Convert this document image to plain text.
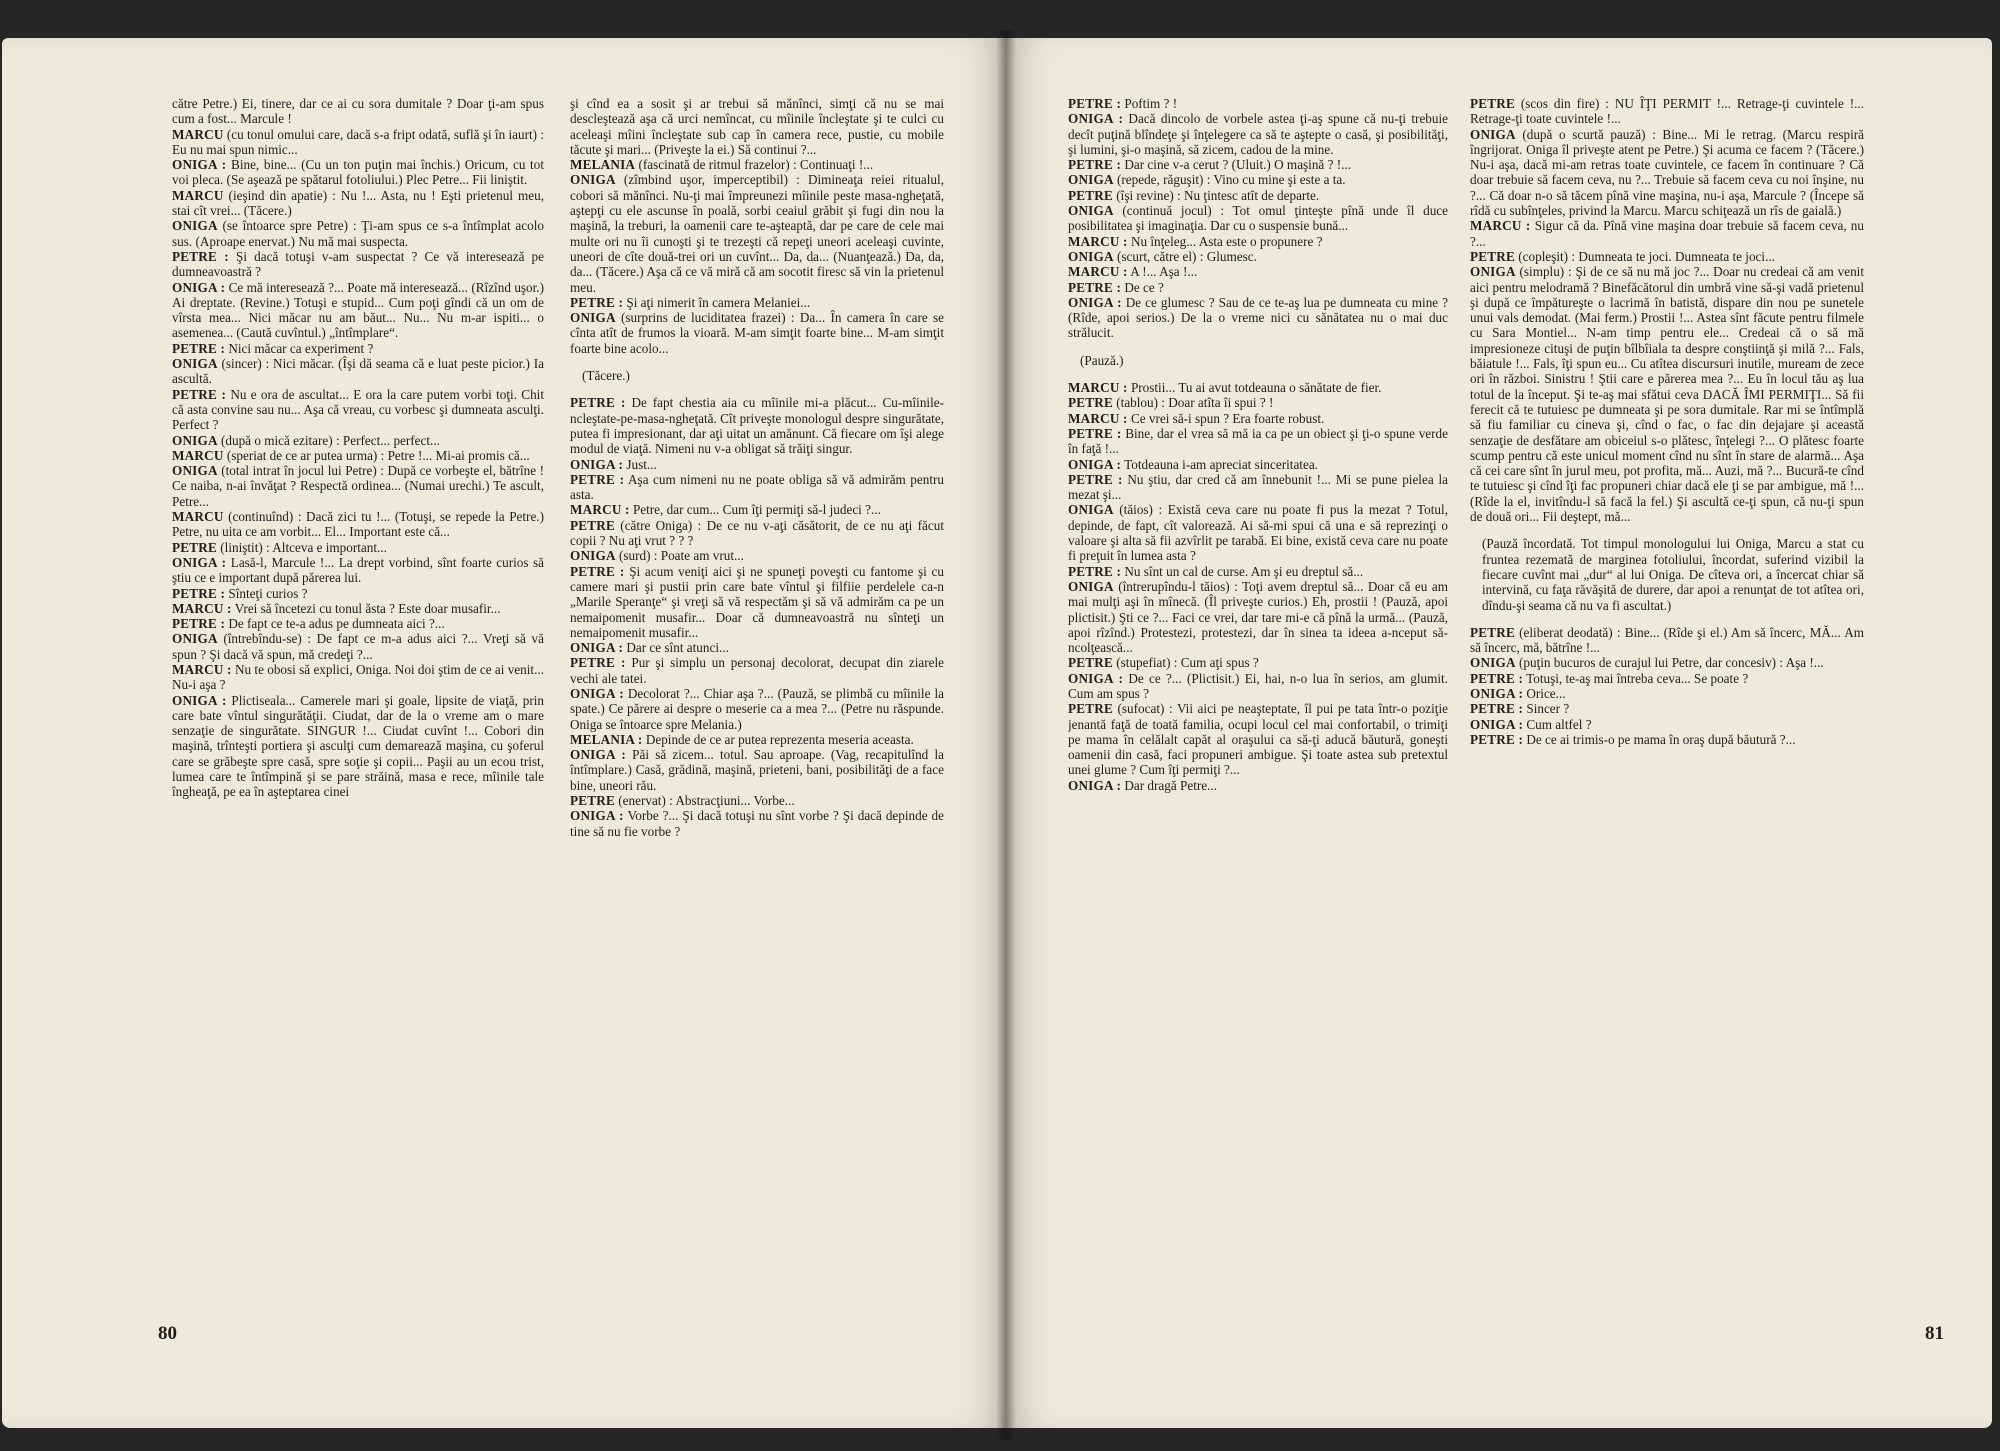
către Petre.) Ei, tinere, dar ce ai cu sora dumitale ? Doar ţi-am spus cum a fost... Marcule !

MARCU (cu tonul omului care, dacă s-a fript odată, suflă şi în iaurt) : Eu nu mai spun nimic...

ONIGA : Bine, bine... (Cu un ton puţin mai închis.) Oricum, cu tot voi pleca. (Se aşează pe spătarul fotoliului.) Plec Petre... Fii liniştit.

MARCU (ieşind din apatie) : Nu !... Asta, nu ! Eşti prietenul meu, stai cît vrei... (Tăcere.)

ONIGA (se întoarce spre Petre) : Ţi-am spus ce s-a întîmplat acolo sus. (Aproape enervat.) Nu mă mai suspecta.

PETRE : Şi dacă totuşi v-am suspectat ? Ce vă interesează pe dumneavoastră ?

ONIGA : Ce mă interesează ?... Poate mă interesează... (Rîzînd uşor.) Ai dreptate. (Revine.) Totuşi e stupid... Cum poţi gîndi că un om de vîrsta mea... Nici măcar nu am băut... Nu... Nu m-ar ispiti... o asemenea... (Caută cuvîntul.) „întîmplare“.

PETRE : Nici măcar ca experiment ?

ONIGA (sincer) : Nici măcar. (Îşi dă seama că e luat peste picior.) Ia ascultă.

PETRE : Nu e ora de ascultat... E ora la care putem vorbi toţi. Chit că asta convine sau nu... Aşa că vreau, cu vorbesc şi dumneata asculţi. Perfect ?

ONIGA (după o mică ezitare) : Perfect... perfect...

MARCU (speriat de ce ar putea urma) : Petre !... Mi-ai promis că...

ONIGA (total intrat în jocul lui Petre) : După ce vorbeşte el, bătrîne ! Ce naiba, n-ai învăţat ? Respectă ordinea... (Numai urechi.) Te ascult, Petre...

MARCU (continuînd) : Dacă zici tu !... (Totuşi, se repede la Petre.) Petre, nu uita ce am vorbit... El... Important este că...

PETRE (liniştit) : Altceva e important...

ONIGA : Lasă-l, Marcule !... La drept vorbind, sînt foarte curios să ştiu ce e important după părerea lui.

PETRE : Sînteţi curios ?

MARCU : Vrei să încetezi cu tonul ăsta ? Este doar musafir...

PETRE : De fapt ce te-a adus pe dumneata aici ?...

ONIGA (întrebîndu-se) : De fapt ce m-a adus aici ?... Vreţi să vă spun ? Şi dacă vă spun, mă credeţi ?...

MARCU : Nu te obosi să explici, Oniga. Noi doi ştim de ce ai venit... Nu-i aşa ?

ONIGA : Plictiseala... Camerele mari şi goale, lipsite de viaţă, prin care bate vîntul singurătăţii. Ciudat, dar de la o vreme am o mare senzaţie de singurătate. SINGUR !... Ciudat cuvînt !... Cobori din maşină, trînteşti portiera şi asculţi cum demarează maşina, cu şoferul care se grăbeşte spre casă, spre soţie şi copii... Paşii au un ecou trist, lumea care te întîmpină şi se pare străină, masa e rece, mîinile tale îngheaţă, pe ea în aşteptarea cinei

şi cînd ea a sosit şi ar trebui să mănînci, simţi că nu se mai descleştează aşa că urci nemîncat, cu mîinile încleştate şi te culci cu aceleaşi mîini încleştate sub cap în camera rece, pustie, cu mobile tăcute şi mari... (Priveşte la ei.) Să continui ?...

MELANIA (fascinată de ritmul frazelor) : Continuaţi !...

ONIGA (zîmbind uşor, imperceptibil) : Dimineaţa reiei ritualul, cobori să mănînci. Nu-ţi mai împreunezi mîinile peste masa-ngheţată, aştepţi cu ele ascunse în poală, sorbi ceaiul grăbit şi fugi din nou la maşină, la treburi, la oamenii care te-aşteaptă, dar pe care de cele mai multe ori nu îi cunoşti şi te trezeşti că repeţi uneori aceleaşi cuvinte, uneori de cîte două-trei ori un cuvînt... Da, da... (Nuanţează.) Da, da, da... (Tăcere.) Aşa că ce vă miră că am socotit firesc să vin la prietenul meu.

PETRE : Şi aţi nimerit în camera Melaniei...

ONIGA (surprins de luciditatea frazei) : Da... În camera în care se cînta atît de frumos la vioară. M-am simţit foarte bine... M-am simţit foarte bine acolo...

(Tăcere.)

PETRE : De fapt chestia aia cu mîinile mi-a plăcut... Cu-mîinile-ncleştate-pe-masa-ngheţată. Cît priveşte monologul despre singurătate, putea fi impresionant, dar aţi uitat un amănunt. Că fiecare om îşi alege modul de viaţă. Nimeni nu v-a obligat să trăiţi singur.

ONIGA : Just...

PETRE : Aşa cum nimeni nu ne poate obliga să vă admirăm pentru asta.

MARCU : Petre, dar cum... Cum îţi permiţi să-l judeci ?...

PETRE (către Oniga) : De ce nu v-aţi căsătorit, de ce nu aţi făcut copii ? Nu aţi vrut ? ? ?

ONIGA (surd) : Poate am vrut...

PETRE : Şi acum veniţi aici şi ne spuneţi poveşti cu fantome şi cu camere mari şi pustii prin care bate vîntul şi filfiie perdelele ca-n „Marile Speranţe“ şi vreţi să vă respectăm şi să vă admirăm ca pe un nemaipomenit musafir... Doar că dumneavoastră nu sînteţi un nemaipomenit musafir...

ONIGA : Dar ce sînt atunci...

PETRE : Pur şi simplu un personaj decolorat, decupat din ziarele vechi ale tatei.

ONIGA : Decolorat ?... Chiar aşa ?... (Pauză, se plimbă cu mîinile la spate.) Ce părere ai despre o meserie ca a mea ?... (Petre nu răspunde. Oniga se întoarce spre Melania.)

MELANIA : Depinde de ce ar putea reprezenta meseria aceasta.

ONIGA : Păi să zicem... totul. Sau aproape. (Vag, recapitulînd la întîmplare.) Casă, grădină, maşină, prieteni, bani, posibilităţi de a face bine, uneori rău.

PETRE (enervat) : Abstracţiuni... Vorbe...

ONIGA : Vorbe ?... Şi dacă totuşi nu sînt vorbe ? Şi dacă depinde de tine să nu fie vorbe ?

80

PETRE : Poftim ? !

ONIGA : Dacă dincolo de vorbele astea ţi-aş spune că nu-ţi trebuie decît puţină blîndeţe şi înţelegere ca să te aştepte o casă, şi posibilităţi, şi lumini, şi-o maşină, să zicem, cadou de la mine.

PETRE : Dar cine v-a cerut ? (Uluit.) O maşină ? !...

ONIGA (repede, răguşit) : Vino cu mine şi este a ta.

PETRE (îşi revine) : Nu ţintesc atît de departe.

ONIGA (continuă jocul) : Tot omul ţinteşte pînă unde îl duce posibilitatea şi imaginaţia. Dar cu o suspensie bună...

MARCU : Nu înţeleg... Asta este o propunere ?

ONIGA (scurt, către el) : Glumesc.

MARCU : A !... Aşa !...

PETRE : De ce ?

ONIGA : De ce glumesc ? Sau de ce te-aş lua pe dumneata cu mine ? (Rîde, apoi serios.) De la o vreme nici cu sănătatea nu o mai duc strălucit.

(Pauză.)

MARCU : Prostii... Tu ai avut totdeauna o sănătate de fier.

PETRE (tablou) : Doar atîta îi spui ? !

MARCU : Ce vrei să-i spun ? Era foarte robust.

PETRE : Bine, dar el vrea să mă ia ca pe un obiect şi ţi-o spune verde în faţă !...

ONIGA : Totdeauna i-am apreciat sinceritatea.

PETRE : Nu ştiu, dar cred că am înnebunit !... Mi se pune pielea la mezat şi...

ONIGA (tăios) : Există ceva care nu poate fi pus la mezat ? Totul, depinde, de fapt, cît valorează. Ai să-mi spui că una e să reprezinţi o valoare şi alta să fii azvîrlit pe tarabă. Ei bine, există ceva care nu poate fi preţuit în lumea asta ?

PETRE : Nu sînt un cal de curse. Am şi eu dreptul să...

ONIGA (întrerupîndu-l tăios) : Toţi avem dreptul să... Doar că eu am mai mulţi aşi în mînecă. (Îl priveşte curios.) Eh, prostii ! (Pauză, apoi plictisit.) Şti ce ?... Faci ce vrei, dar tare mi-e că pînă la urmă... (Pauză, apoi rîzînd.) Protestezi, protestezi, dar în sinea ta ideea a-nceput să-ncolţească...

PETRE (stupefiat) : Cum aţi spus ?

ONIGA : De ce ?... (Plictisit.) Ei, hai, n-o lua în serios, am glumit. Cum am spus ?

PETRE (sufocat) : Vii aici pe neaşteptate, îl pui pe tata într-o poziţie jenantă faţă de toată familia, ocupi locul cel mai confortabil, o trimiţi pe mama în celălalt capăt al oraşului ca să-ţi aducă băutură, goneşti oamenii din casă, faci propuneri ambigue. Şi toate astea sub pretextul unei glume ? Cum îţi permiţi ?...

ONIGA : Dar dragă Petre...

PETRE (scos din fire) : NU ÎŢI PERMIT !... Retrage-ţi cuvintele !... Retrage-ţi toate cuvintele !...

ONIGA (după o scurtă pauză) : Bine... Mi le retrag. (Marcu respiră îngrijorat. Oniga îl priveşte atent pe Petre.) Şi acuma ce facem ? (Tăcere.) Nu-i aşa, dacă mi-am retras toate cuvintele, ce facem în continuare ? Că doar trebuie să facem ceva, nu ?... Trebuie să facem ceva cu noi înşine, nu ?... Că doar n-o să tăcem pînă vine maşina, nu-i aşa, Marcule ? (Începe să rîdă cu subînţeles, privind la Marcu. Marcu schiţează un rîs de gaială.)

MARCU : Sigur că da. Pînă vine maşina doar trebuie să facem ceva, nu ?...

PETRE (copleşit) : Dumneata te joci. Dumneata te joci...

ONIGA (simplu) : Şi de ce să nu mă joc ?... Doar nu credeai că am venit aici pentru melodramă ? Binefăcătorul din umbră vine să-şi vadă prietenul şi după ce împătureşte o lacrimă în batistă, dispare din nou pe sunetele unui vals demodat. (Mai ferm.) Prostii !... Astea sînt făcute pentru filmele cu Sara Montiel... N-am timp pentru ele... Credeai că o să mă impresioneze cituşi de puţin bîlbîiala ta despre conştiinţă şi milă ?... Fals, băiatule !... Fals, îţi spun eu... Cu atîtea discursuri inutile, muream de zece ori în război. Sinistru ! Ştii care e părerea mea ?... Eu în locul tău aş lua totul de la început. Şi te-aş mai sfătui ceva DACĂ ÎMI PERMIŢI... Să fii ferecit că te tutuiesc pe dumneata şi pe sora dumitale. Rar mi se întîmplă să fiu familiar cu cineva şi, cînd o fac, o fac din dejajare şi această senzaţie de desfătare am obiceiul s-o plătesc, înţelegi ?... O plătesc foarte scump pentru că este unicul moment cînd nu sînt în stare de alarmă... Aşa că cei care sînt în jurul meu, pot profita, mă... Auzi, mă ?... Bucură-te cînd te tutuiesc şi cînd îţi fac propuneri chiar dacă ele ţi se par ambigue, mă !... (Rîde la el, invitîndu-l să facă la fel.) Şi ascultă ce-ţi spun, că nu-ţi spun de două ori... Fii deştept, mă...

(Pauză încordată. Tot timpul monologului lui Oniga, Marcu a stat cu fruntea rezemată de marginea fotoliului, încordat, suferind vizibil la fiecare cuvînt mai „dur“ al lui Oniga. De cîteva ori, a încercat chiar să intervină, cu faţa răvăşită de durere, dar apoi a renunţat de tot atîtea ori, dîndu-şi seama că nu va fi ascultat.)

PETRE (eliberat deodată) : Bine... (Rîde şi el.) Am să încerc, MĂ... Am să încerc, mă, bătrîne !...

ONIGA (puţin bucuros de curajul lui Petre, dar concesiv) : Aşa !...

PETRE : Totuşi, te-aş mai întreba ceva... Se poate ?

ONIGA : Orice...

PETRE : Sincer ?

ONIGA : Cum altfel ?

PETRE : De ce ai trimis-o pe mama în oraş după băutură ?...

81
